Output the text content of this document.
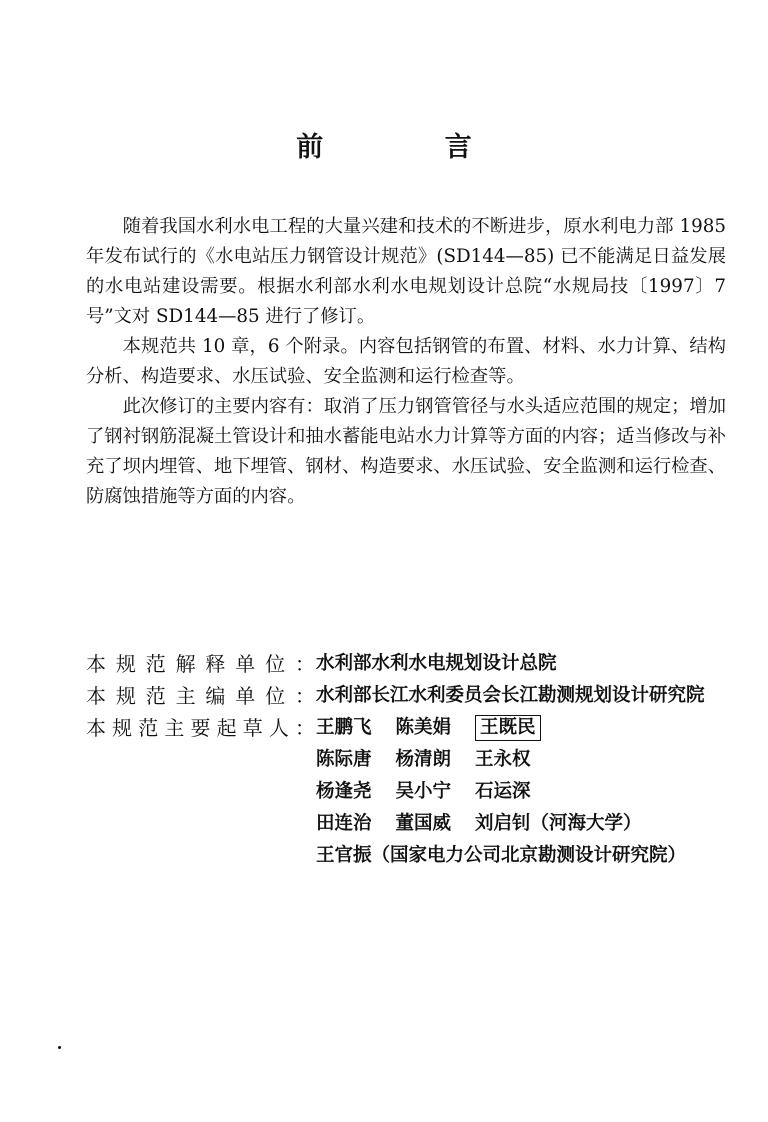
前 言

随着我国水利水电工程的大量兴建和技术的不断进步，原水利电力部 1985 年发布试行的《水电站压力钢管设计规范》(SD144—85) 已不能满足日益发展的水电站建设需要。根据水利部水利水电规划设计总院“水规局技〔1997〕7 号”文对 SD144—85 进行了修订。

本规范共 10 章，6 个附录。内容包括钢管的布置、材料、水力计算、结构分析、构造要求、水压试验、安全监测和运行检查等。

此次修订的主要内容有：取消了压力钢管管径与水头适应范围的规定；增加了钢衬钢筋混凝土管设计和抽水蓄能电站水力计算等方面的内容；适当修改与补充了坝内埋管、地下埋管、钢材、构造要求、水压试验、安全监测和运行检查、防腐蚀措施等方面的内容。

本规范解释单位： 水利部水利水电规划设计总院
本规范主编单位： 水利部长江水利委员会长江勘测规划设计研究院
本规范主要起草人： 王鹏飞 陈美娟 王既民
陈际唐 杨清朗 王永权
杨逢尧 吴小宁 石运深
田连治 董国威 刘启钊（河海大学）
王官振（国家电力公司北京勘测设计研究院）
